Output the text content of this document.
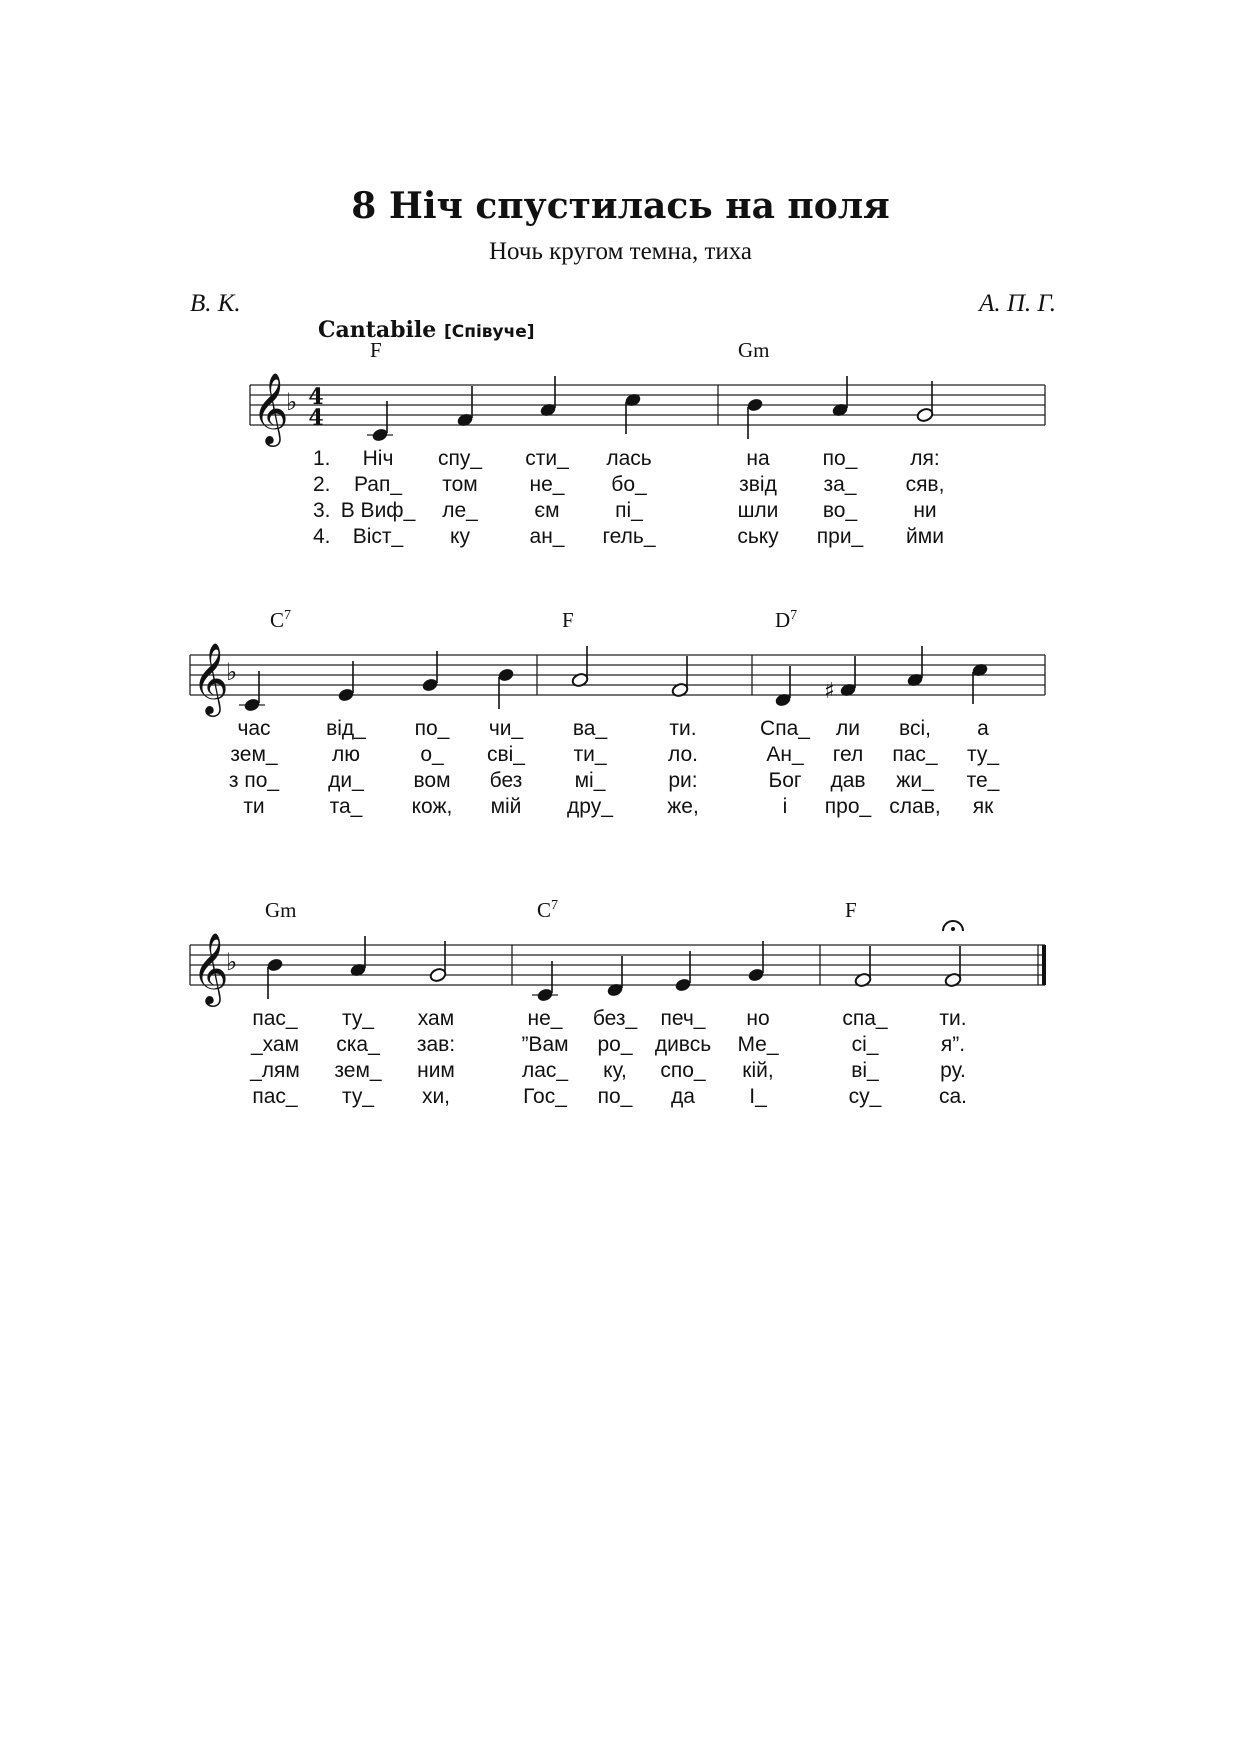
8 Ніч спустилась на поля
Ночь кругом темна, тиха
В. К.	А. П. Г.
Cantabile [Співуче]
𝄞
♭ 4
4
F	Gm
1. Ніч спу_ сти_ лась	на	по_	ля:
2. Рап_ том не_ бо_	звід за_ сяв,
3. В Виф_ ле_	єм	пі_	шли во_	ни
4. Віст_ ку	ан_ гель_	ську при_ йми
𝄞
♭
$C^7$	F	$D^7$
♯
час	від_ по_ чи_ ва_	ти.	Спа_ ли всі, а
зем_	лю	о_ сві_ ти_	ло.	Ан_ гел пас_ ту_
з по_ ди_ вом без мі_	ри:	Бог дав жи_ те_
ти	та_ кож, мій дру_	же,	і про_ слав, як
𝄞
♭
Gm	$C^7$	F
пас_ ту_ хам	не_ без_ печ_ но	спа_ ти.
_хам ска_ зав:	”Вам ро_ дивсь Ме_	сі_	я”.
_лям зем_ ним	лас_ ку, спо_ кій,	ві_	ру.
пас_ ту_ хи,	Гос_ по_ да	І_	су_	са.
